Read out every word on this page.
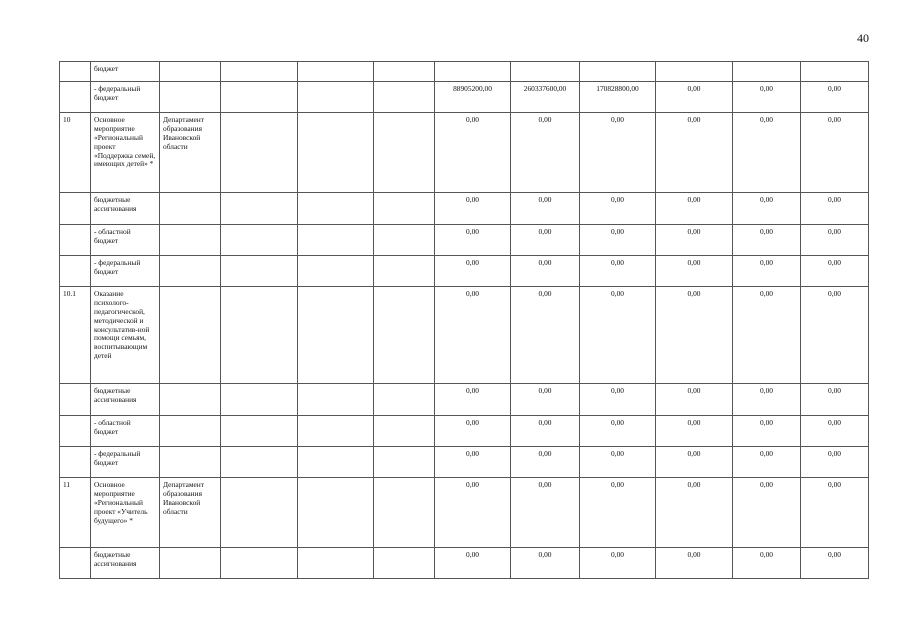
40
	бюджет											
	- федеральный бюджет					88905200,00	260337600,00	170828800,00	0,00	0,00	0,00	
10	Основное мероприятие «Региональный проект «Поддержка семей, имеющих детей» *	Департамент образования Ивановской области				0,00	0,00	0,00	0,00	0,00	0,00	
	бюджетные ассигнования					0,00	0,00	0,00	0,00	0,00	0,00	
	- областной бюджет					0,00	0,00	0,00	0,00	0,00	0,00	
	- федеральный бюджет					0,00	0,00	0,00	0,00	0,00	0,00	
10.1	Оказание психолого-педагогической, методической и консультатив-ной помощи семьям, воспитывающим детей					0,00	0,00	0,00	0,00	0,00	0,00	
	бюджетные ассигнования					0,00	0,00	0,00	0,00	0,00	0,00	
	- областной бюджет					0,00	0,00	0,00	0,00	0,00	0,00	
	- федеральный бюджет					0,00	0,00	0,00	0,00	0,00	0,00	
11	Основное мероприятие «Региональный проект «Учитель будущего» *	Департамент образования Ивановской области				0,00	0,00	0,00	0,00	0,00	0,00	
	бюджетные ассигнования					0,00	0,00	0,00	0,00	0,00	0,00	
